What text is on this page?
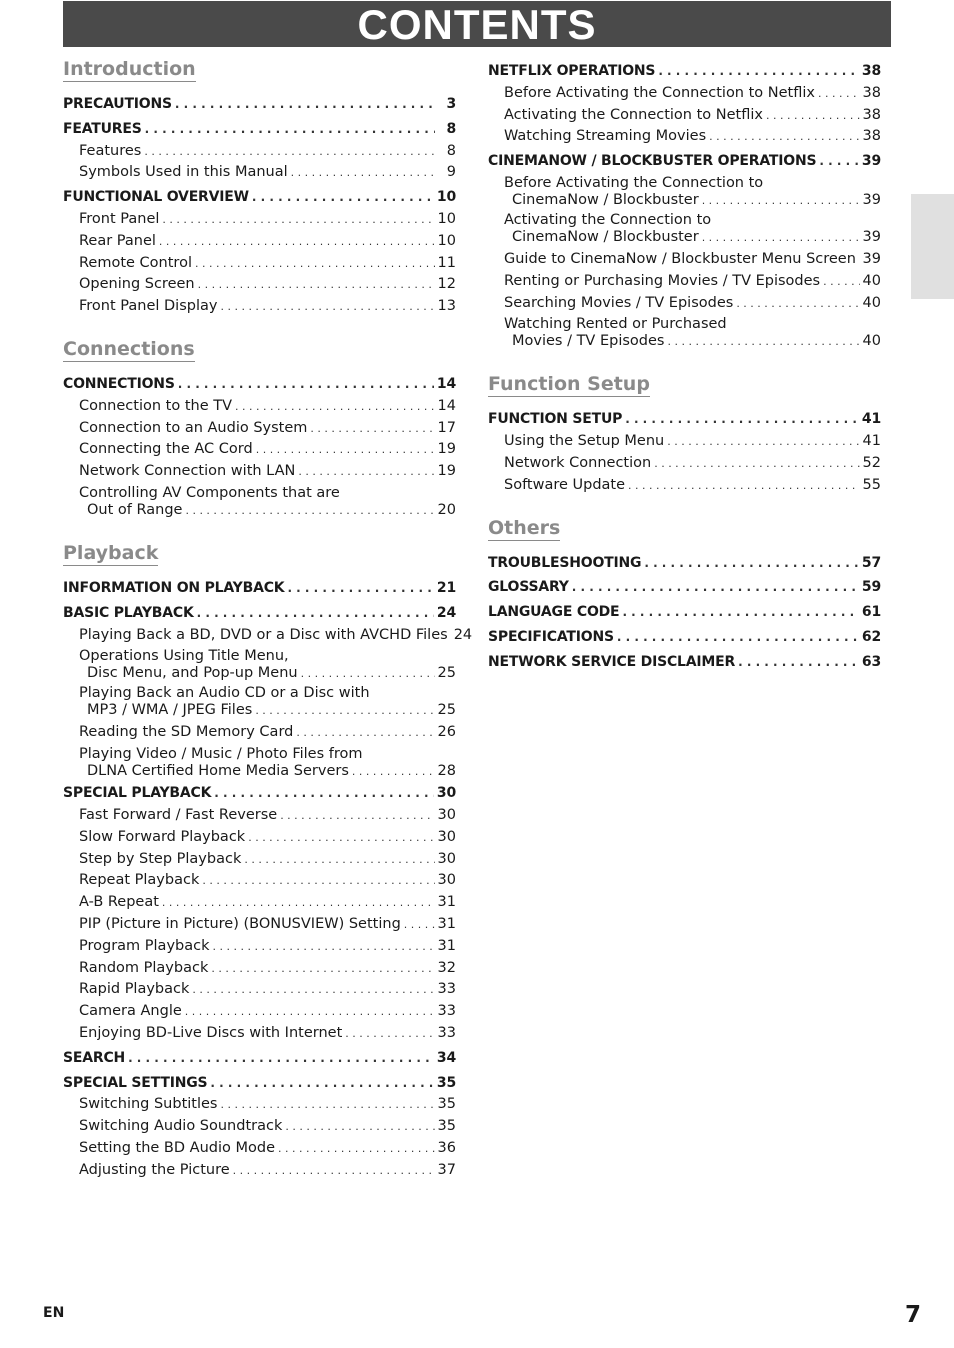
CONTENTS
Introduction

PRECAUTIONS . . .	3
FEATURES . . .	8
Features . . .	8
Symbols Used in this Manual . . .	9
FUNCTIONAL OVERVIEW . . .	10
Front Panel . . .	10
Rear Panel . . .	10
Remote Control . . .	11
Opening Screen . . .	12
Front Panel Display . . .	13
Connections

CONNECTIONS . . .	14
Connection to the TV . . .	14
Connection to an Audio System . . .	17
Connecting the AC Cord . . .	19
Network Connection with LAN . . .	19
Controlling AV Components that are
Out of Range . . .	20
Playback

INFORMATION ON PLAYBACK . . .	21
BASIC PLAYBACK . . .	24
Playing Back a BD, DVD or a Disc with AVCHD Files 24
Operations Using Title Menu,
Disc Menu, and Pop-up Menu . . .	25
Playing Back an Audio CD or a Disc with
MP3 / WMA / JPEG Files . . .	25
Reading the SD Memory Card . . .	26
Playing Video / Music / Photo Files from
DLNA Certified Home Media Servers . . .	28
SPECIAL PLAYBACK . . .	30
Fast Forward / Fast Reverse . . .	30
Slow Forward Playback . . .	30
Step by Step Playback . . .	30
Repeat Playback . . .	30
A-B Repeat . . .	31
PIP (Picture in Picture) (BONUSVIEW) Setting . . .	31
Program Playback . . .	31
Random Playback . . .	32
Rapid Playback . . .	33
Camera Angle . . .	33
Enjoying BD-Live Discs with Internet . . .	33
SEARCH . . .	34
SPECIAL SETTINGS . . .	35
Switching Subtitles . . .	35
Switching Audio Soundtrack . . .	35
Setting the BD Audio Mode . . .	36
Adjusting the Picture . . .	37
NETFLIX OPERATIONS . . .	38
Before Activating the Connection to Netflix . . .	38
Activating the Connection to Netflix . . .	38
Watching Streaming Movies . . .	38
CINEMANOW / BLOCKBUSTER OPERATIONS . . .	39
Before Activating the Connection to
CinemaNow / Blockbuster . . .	39
Activating the Connection to
CinemaNow / Blockbuster . . .	39
Guide to CinemaNow / Blockbuster Menu Screen . . . 39
Renting or Purchasing Movies / TV Episodes . . .	40
Searching Movies / TV Episodes . . .	40
Watching Rented or Purchased
Movies / TV Episodes . . .	40
Function Setup

FUNCTION SETUP . . .	41
Using the Setup Menu . . .	41
Network Connection . . .	52
Software Update . . .	55
Others

TROUBLESHOOTING . . .	57
GLOSSARY . . .	59
LANGUAGE CODE . . .	61
SPECIFICATIONS . . .	62
NETWORK SERVICE DISCLAIMER . . .	63
EN	7
